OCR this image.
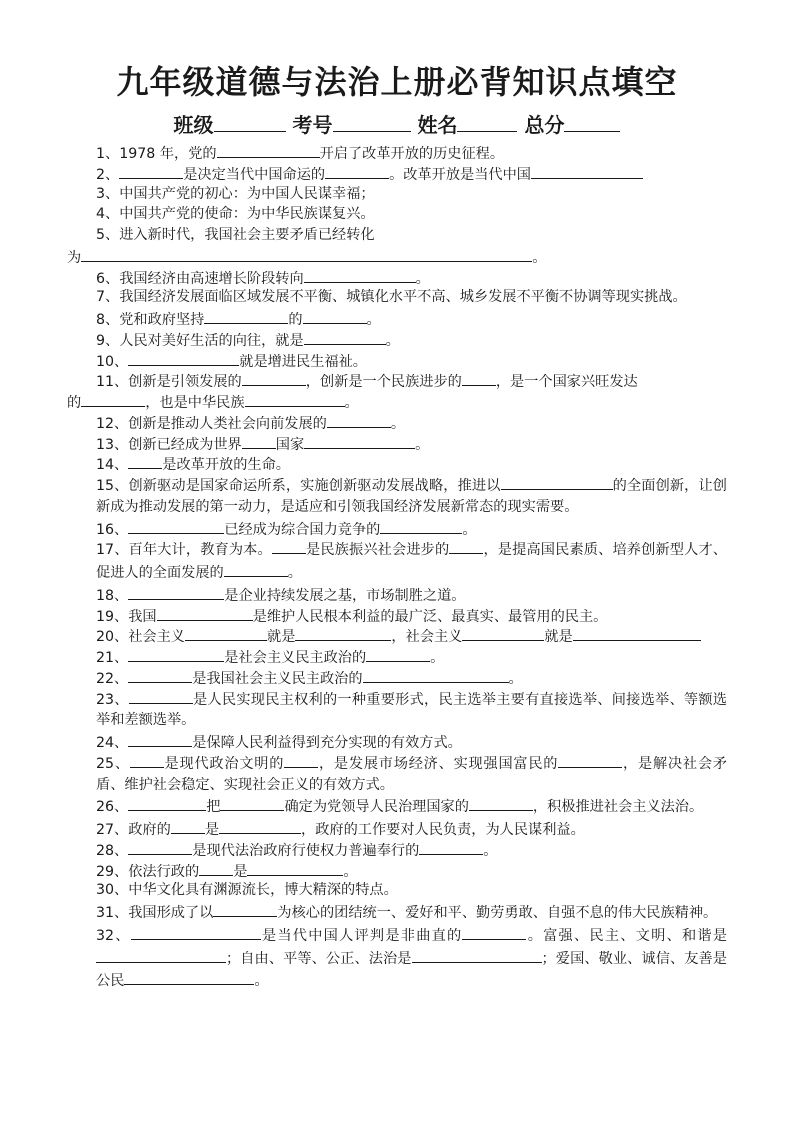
九年级道德与法治上册必背知识点填空
班级	考号	姓名	总分
1、1978 年，党的	开启了改革开放的历史征程。
2、	是决定当代中国命运的	。改革开放是当代中国
3、中国共产党的初心：为中国人民谋幸福；
4、中国共产党的使命：为中华民族谋复兴。
5、进入新时代，我国社会主要矛盾已经转化
为	。
6、我国经济由高速增长阶段转向	。
7、我国经济发展面临区域发展不平衡、城镇化水平不高、城乡发展不平衡不协调等现实挑战。
8、党和政府坚持	的	。
9、人民对美好生活的向往，就是	。
10、	就是增进民生福祉。
11、创新是引领发展的	，创新是一个民族进步的 ，是一个国家兴旺发达
的	，也是中华民族	。
12、创新是推动人类社会向前发展的	。
13、创新已经成为世界 国家	。
14、 是改革开放的生命。
15、创新驱动是国家命运所系，实施创新驱动发展战略，推进以	的全面创新，让创新成为推动发展的第一动力，是适应和引领我国经济发展新常态的现实需要。
16、	已经成为综合国力竞争的	。
17、百年大计，教育为本。 是民族振兴社会进步的 ，是提高国民素质、培养创新型人才、促进人的全面发展的	。
18、	是企业持续发展之基，市场制胜之道。
19、我国	是维护人民根本利益的最广泛、最真实、最管用的民主。
20、社会主义	就是	，社会主义	就是
21、	是社会主义民主政治的	。
22、	是我国社会主义民主政治的	。
23、	是人民实现民主权利的一种重要形式，民主选举主要有直接选举、间接选举、等额选举和差额选举。
24、	是保障人民利益得到充分实现的有效方式。
25、 是现代政治文明的 ，是发展市场经济、实现强国富民的	，是解决社会矛盾、维护社会稳定、实现社会正义的有效方式。
26、	把	确定为党领导人民治理国家的	，积极推进社会主义法治。
27、政府的 是	，政府的工作要对人民负责，为人民谋利益。
28、	是现代法治政府行使权力普遍奉行的	。
29、依法行政的 是	。
30、中华文化具有渊源流长，博大精深的特点。
31、我国形成了以	为核心的团结统一、爱好和平、勤劳勇敢、自强不息的伟大民族精神。
32、	是当代中国人评判是非曲直的	。富强、民主、文明、和谐是；自由、平等、公正、法治是	；爱国、敬业、诚信、友善是公民	。
